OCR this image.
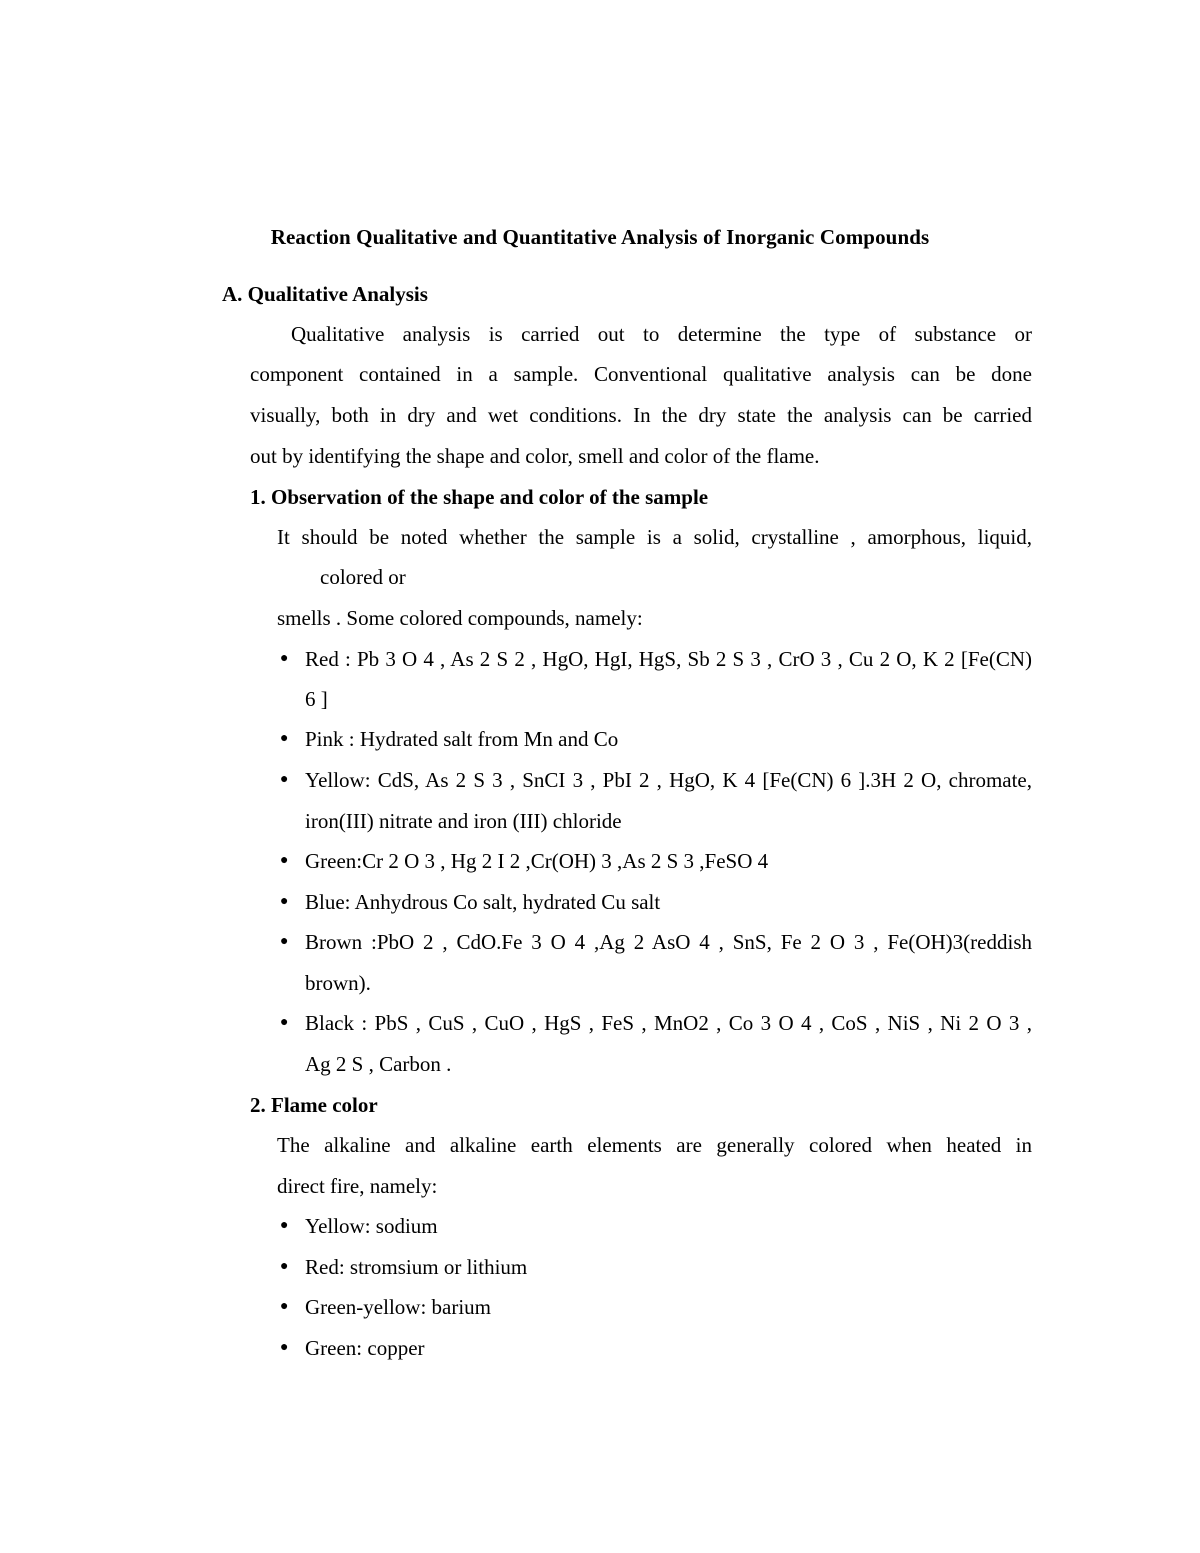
Reaction Qualitative and Quantitative Analysis of Inorganic Compounds
A. Qualitative Analysis
Qualitative analysis is carried out to determine the type of substance or
component contained in a sample. Conventional qualitative analysis can be done
visually, both in dry and wet conditions. In the dry state the analysis can be carried
out by identifying the shape and color, smell and color of the flame.
1. Observation of the shape and color of the sample
It should be noted whether the sample is a solid, crystalline , amorphous, liquid,
colored or
smells . Some colored compounds, namely:
● Red : Pb 3 O 4 , As 2 S 2 , HgO, HgI, HgS, Sb 2 S 3 , CrO 3 , Cu 2 O, K 2 [Fe(CN)
6 ]
● Pink : Hydrated salt from Mn and Co
● Yellow: CdS, As 2 S 3 , SnCI 3 , PbI 2 , HgO, K 4 [Fe(CN) 6 ].3H 2 O, chromate,
iron(III) nitrate and iron (III) chloride
● Green:Cr 2 O 3 , Hg 2 I 2 ,Cr(OH) 3 ,As 2 S 3 ,FeSO 4
● Blue: Anhydrous Co salt, hydrated Cu salt
● Brown :PbO 2 , CdO.Fe 3 O 4 ,Ag 2 AsO 4 , SnS, Fe 2 O 3 , Fe(OH)3(reddish
brown).
● Black : PbS , CuS , CuO , HgS , FeS , MnO2 , Co 3 O 4 , CoS , NiS , Ni 2 O 3 ,
Ag 2 S , Carbon .
2. Flame color
The alkaline and alkaline earth elements are generally colored when heated in
direct fire, namely:
● Yellow: sodium
● Red: stromsium or lithium
● Green-yellow: barium
● Green: copper
